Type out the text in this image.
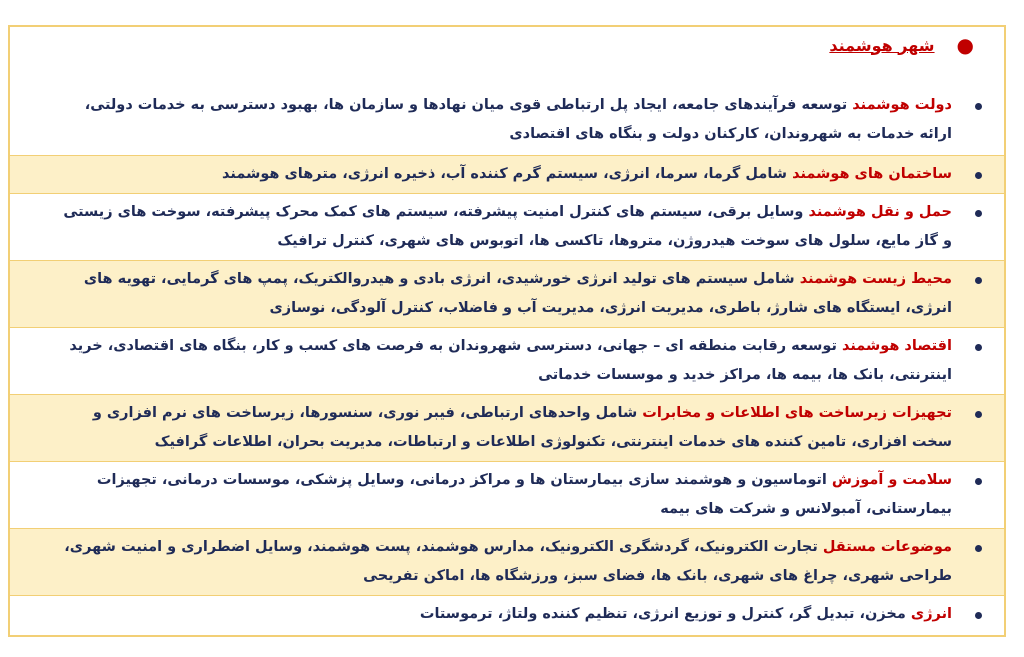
●
شهر هوشمند
دولت هوشمند توسعه فرآیندهای جامعه، ایجاد پل ارتباطی قوی میان نهادها و سازمان ها، بهبود دسترسی به خدمات دولتی، ارائه خدمات به شهروندان، کارکنان دولت و بنگاه های اقتصادی
ساختمان های هوشمند شامل گرما، سرما، انرژی، سیستم گرم کننده آب، ذخیره انرژی، مترهای هوشمند
حمل و نقل هوشمند وسایل برقی، سیستم های کنترل امنیت پیشرفته، سیستم های کمک محرک پیشرفته، سوخت های زیستی و گاز مایع، سلول های سوخت هیدروژن، متروها، تاکسی ها، اتوبوس های شهری، کنترل ترافیک
محیط زیست هوشمند شامل سیستم های تولید انرژی خورشیدی، انرژی بادی و هیدروالکتریک، پمپ های گرمایی، تهویه های انرژی، ایستگاه های شارژ، باطری، مدیریت انرژی، مدیریت آب و فاضلاب، کنترل آلودگی، نوسازی
اقتصاد هوشمند توسعه رقابت منطقه ای – جهانی، دسترسی شهروندان به فرصت های کسب و کار، بنگاه های اقتصادی، خرید اینترنتی، بانک ها، بیمه ها، مراکز خدید و موسسات خدماتی
تجهیزات زیرساخت های اطلاعات و مخابرات شامل واحدهای ارتباطی، فیبر نوری، سنسورها، زیرساخت های نرم افزاری و سخت افزاری، تامین کننده های خدمات اینترنتی، تکنولوژی اطلاعات و ارتباطات، مدیریت بحران، اطلاعات گرافیک
سلامت و آموزش اتوماسیون و هوشمند سازی بیمارستان ها و مراکز درمانی، وسایل پزشکی، موسسات درمانی، تجهیزات بیمارستانی، آمبولانس و شرکت های بیمه
موضوعات مستقل تجارت الکترونیک، گردشگری الکترونیک، مدارس هوشمند، پست هوشمند، وسایل اضطراری و امنیت شهری، طراحی شهری، چراغ های شهری، بانک ها، فضای سبز، ورزشگاه ها، اماکن تفریحی
انرژی مخزن، تبدیل گر، کنترل و توزیع انرژی، تنظیم کننده ولتاژ، ترموستات
